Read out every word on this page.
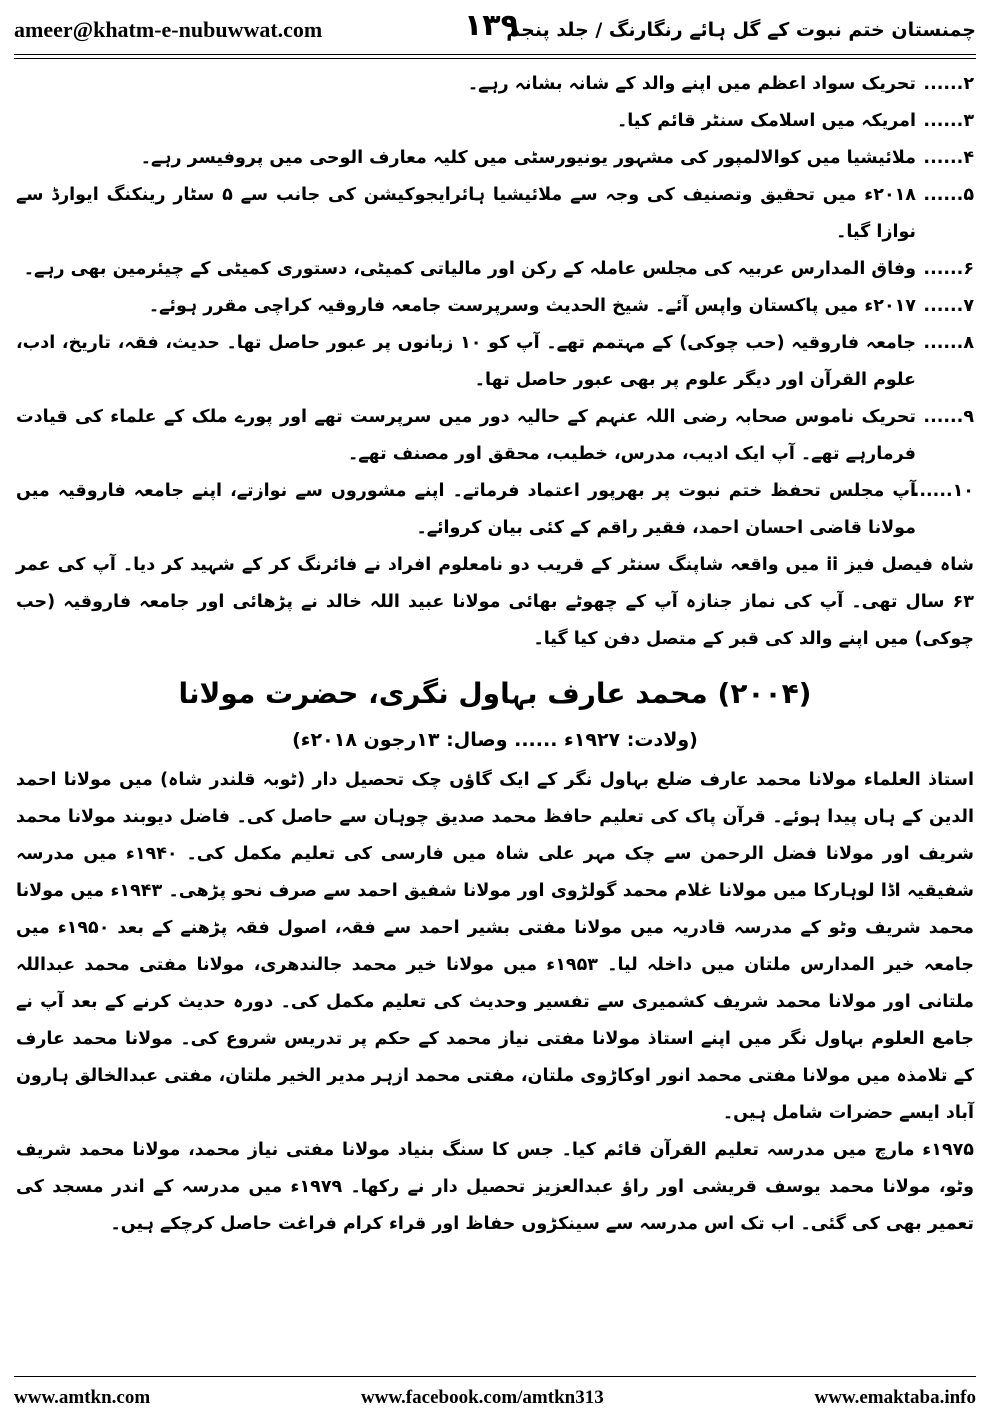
ameer@khatm-e-nubuwwat.com	۱۳۹
چمنستان ختم نبوت کے گل ہائے رنگارنگ / جلد پنجم
۲......
تحریک سواد اعظم میں اپنے والد کے شانہ بشانہ رہے۔
۳......
امریکہ میں اسلامک سنٹر قائم کیا۔
۴......
ملائیشیا میں کوالالمپور کی مشہور یونیورسٹی میں کلیہ معارف الوحی میں پروفیسر رہے۔
۵......
۲۰۱۸ء میں تحقیق وتصنیف کی وجہ سے ملائیشیا ہائرایجوکیشن کی جانب سے ۵ سٹار رینکنگ ایوارڈ سے نوازا گیا۔
۶......
وفاق المدارس عربیہ کی مجلس عاملہ کے رکن اور مالیاتی کمیٹی، دستوری کمیٹی کے چیئرمین بھی رہے۔
۷......
۲۰۱۷ء میں پاکستان واپس آئے۔ شیخ الحدیث وسرپرست جامعہ فاروقیہ کراچی مقرر ہوئے۔
۸......
جامعہ فاروقیہ (حب چوکی) کے مہتمم تھے۔ آپ کو ۱۰ زبانوں پر عبور حاصل تھا۔ حدیث، فقہ، تاریخ، ادب، علوم القرآن اور دیگر علوم پر بھی عبور حاصل تھا۔
۹......
تحریک ناموس صحابہ رضی اللہ عنہم کے حالیہ دور میں سرپرست تھے اور پورے ملک کے علماء کی قیادت فرمارہے تھے۔ آپ ایک ادیب، مدرس، خطیب، محقق اور مصنف تھے۔
۱۰......
آپ مجلس تحفظ ختم نبوت پر بھرپور اعتماد فرماتے۔ اپنے مشوروں سے نوازتے، اپنے جامعہ فاروقیہ میں مولانا قاضی احسان احمد، فقیر راقم کے کئی بیان کروائے۔

شاہ فیصل فیز ii میں واقعہ شاپنگ سنٹر کے قریب دو نامعلوم افراد نے فائرنگ کر کے شہید کر دیا۔ آپ کی عمر ۶۳ سال تھی۔ آپ کی نماز جنازہ آپ کے چھوٹے بھائی مولانا عبید اللہ خالد نے پڑھائی اور جامعہ فاروقیہ (حب چوکی) میں اپنے والد کی قبر کے متصل دفن کیا گیا۔

(۲۰۰۴) محمد عارف بہاول نگری، حضرت مولانا
(ولادت: ۱۹۲۷ء ...... وصال: ۱۳رجون ۲۰۱۸ء)

استاذ العلماء مولانا محمد عارف ضلع بہاول نگر کے ایک گاؤں چک تحصیل دار (ٹوبہ قلندر شاہ) میں مولانا احمد الدین کے ہاں پیدا ہوئے۔ قرآن پاک کی تعلیم حافظ محمد صدیق چوہان سے حاصل کی۔ فاضل دیوبند مولانا محمد شریف اور مولانا فضل الرحمن سے چک مہر علی شاہ میں فارسی کی تعلیم مکمل کی۔ ۱۹۴۰ء میں مدرسہ شفیقیہ اڈا لوہارکا میں مولانا غلام محمد گولڑوی اور مولانا شفیق احمد سے صرف نحو پڑھی۔ ۱۹۴۳ء میں مولانا محمد شریف وٹو کے مدرسہ قادریہ میں مولانا مفتی بشیر احمد سے فقہ، اصول فقہ پڑھنے کے بعد ۱۹۵۰ء میں جامعہ خیر المدارس ملتان میں داخلہ لیا۔ ۱۹۵۳ء میں مولانا خیر محمد جالندھری، مولانا مفتی محمد عبداللہ ملتانی اور مولانا محمد شریف کشمیری سے تفسیر وحدیث کی تعلیم مکمل کی۔ دورہ حدیث کرنے کے بعد آپ نے جامع العلوم بہاول نگر میں اپنے استاذ مولانا مفتی نیاز محمد کے حکم پر تدریس شروع کی۔ مولانا محمد عارف کے تلامذہ میں مولانا مفتی محمد انور اوکاڑوی ملتان، مفتی محمد ازہر مدیر الخیر ملتان، مفتی عبدالخالق ہارون آباد ایسے حضرات شامل ہیں۔

۱۹۷۵ء مارچ میں مدرسہ تعلیم القرآن قائم کیا۔ جس کا سنگ بنیاد مولانا مفتی نیاز محمد، مولانا محمد شریف وٹو، مولانا محمد یوسف قریشی اور راؤ عبدالعزیز تحصیل دار نے رکھا۔ ۱۹۷۹ء میں مدرسہ کے اندر مسجد کی تعمیر بھی کی گئی۔ اب تک اس مدرسہ سے سینکڑوں حفاظ اور قراء کرام فراغت حاصل کرچکے ہیں۔

www.amtkn.com	www.facebook.com/amtkn313	www.emaktaba.info
